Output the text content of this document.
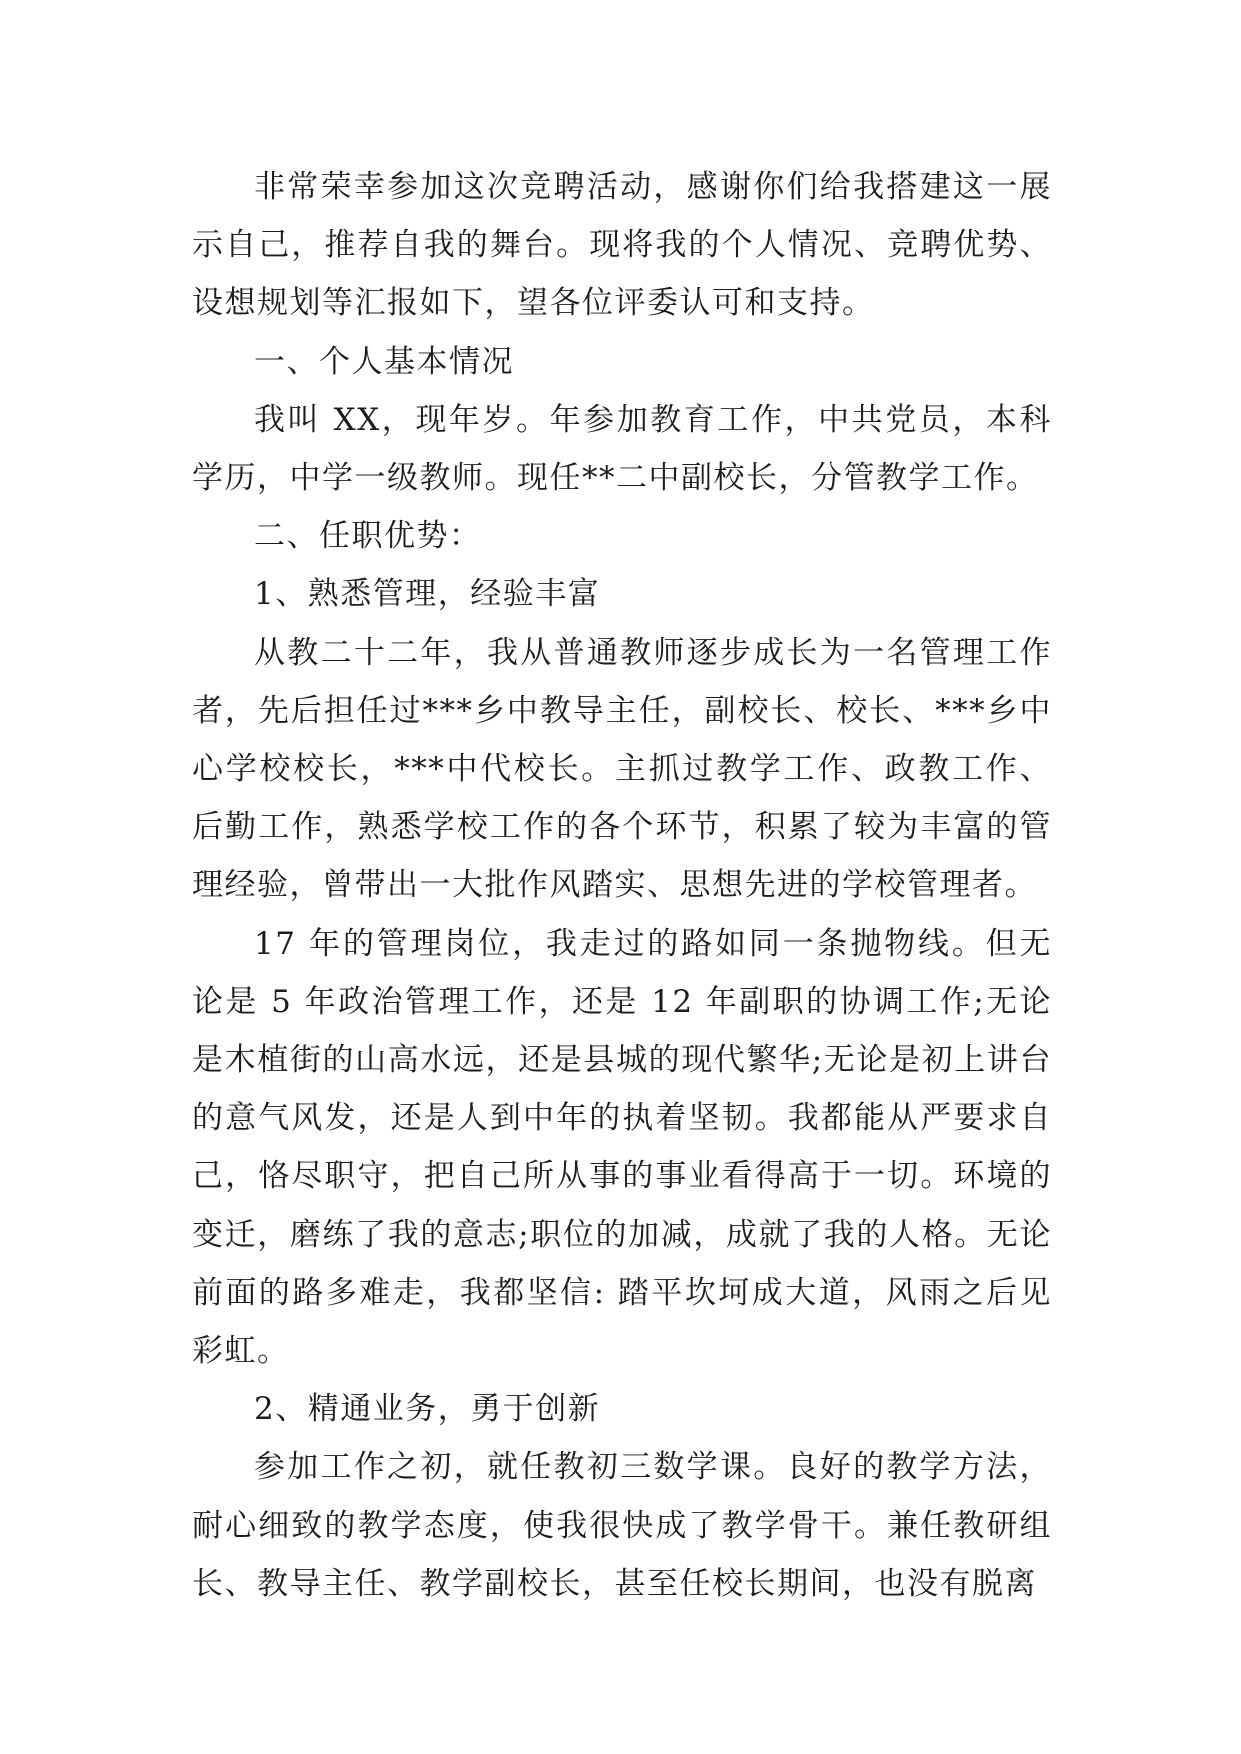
非常荣幸参加这次竞聘活动，感谢你们给我搭建这一展示自己，推荐自我的舞台。现将我的个人情况、竞聘优势、设想规划等汇报如下，望各位评委认可和支持。

一、个人基本情况

我叫 XX，现年岁。年参加教育工作，中共党员，本科学历，中学一级教师。现任**二中副校长，分管教学工作。

二、任职优势：

1、熟悉管理，经验丰富

从教二十二年，我从普通教师逐步成长为一名管理工作者，先后担任过***乡中教导主任，副校长、校长、***乡中心学校校长，***中代校长。主抓过教学工作、政教工作、后勤工作，熟悉学校工作的各个环节，积累了较为丰富的管理经验，曾带出一大批作风踏实、思想先进的学校管理者。

17 年的管理岗位，我走过的路如同一条抛物线。但无论是 5 年政治管理工作，还是 12 年副职的协调工作;无论是木植街的山高水远，还是县城的现代繁华;无论是初上讲台的意气风发，还是人到中年的执着坚韧。我都能从严要求自己，恪尽职守，把自己所从事的事业看得高于一切。环境的变迁，磨练了我的意志;职位的加减，成就了我的人格。无论前面的路多难走，我都坚信: 踏平坎坷成大道，风雨之后见彩虹。

2、精通业务，勇于创新

参加工作之初，就任教初三数学课。良好的教学方法，耐心细致的教学态度，使我很快成了教学骨干。兼任教研组长、教导主任、教学副校长，甚至任校长期间，也没有脱离
